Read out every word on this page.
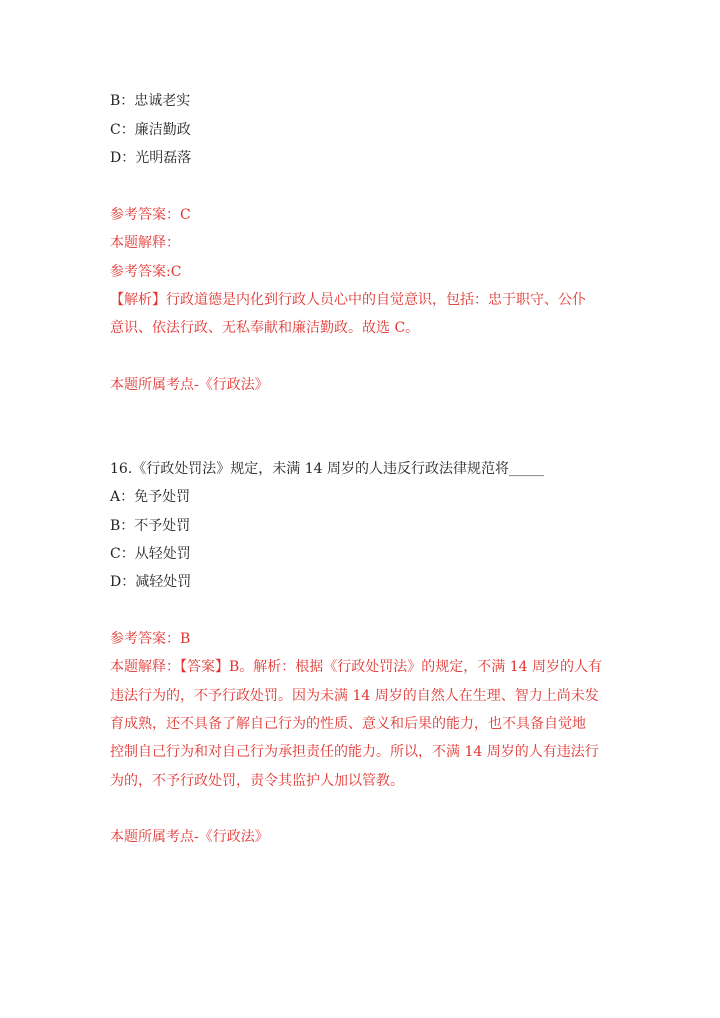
B：忠诚老实
C：廉洁勤政
D：光明磊落
参考答案：C
本题解释：
参考答案:C
【解析】行政道德是内化到行政人员心中的自觉意识，包括：忠于职守、公仆
意识、依法行政、无私奉献和廉洁勤政。故选 C。
本题所属考点-《行政法》
16.《行政处罚法》规定，未满 14 周岁的人违反行政法律规范将_____
A：免予处罚
B：不予处罚
C：从轻处罚
D：减轻处罚
参考答案：B
本题解释：【答案】B。解析：根据《行政处罚法》的规定，不满 14 周岁的人有
违法行为的，不予行政处罚。因为未满 14 周岁的自然人在生理、智力上尚未发
育成熟，还不具备了解自己行为的性质、意义和后果的能力，也不具备自觉地
控制自己行为和对自己行为承担责任的能力。所以，不满 14 周岁的人有违法行
为的，不予行政处罚，责令其监护人加以管教。
本题所属考点-《行政法》
